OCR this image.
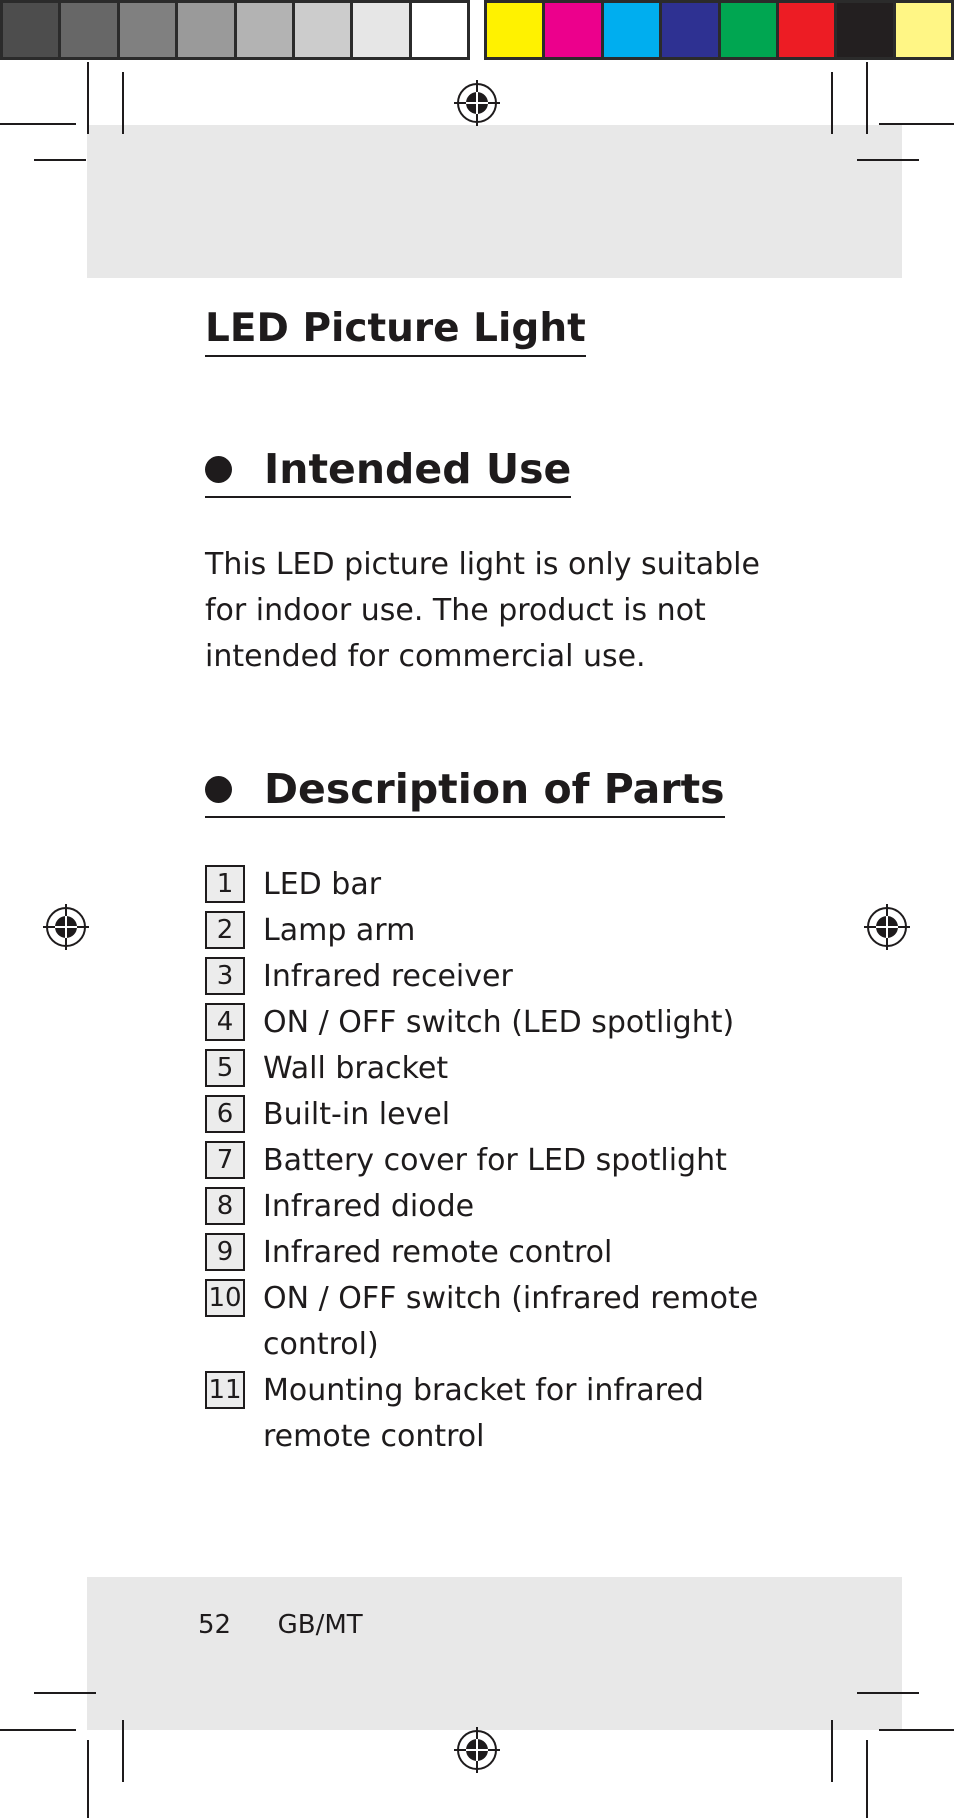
LED Picture Light
Intended Use

This LED picture light is only suitable for indoor use. The product is not intended for commercial use.

Description of Parts
1 LED bar
2 Lamp arm
3 Infrared receiver
4 ON / OFF switch (LED spotlight)
5 Wall bracket
6 Built-in level
7 Battery cover for LED spotlight
8 Infrared diode
9 Infrared remote control
10 ON / OFF switch (infrared remote control)
11 Mounting bracket for infrared remote control
52 GB/MT
